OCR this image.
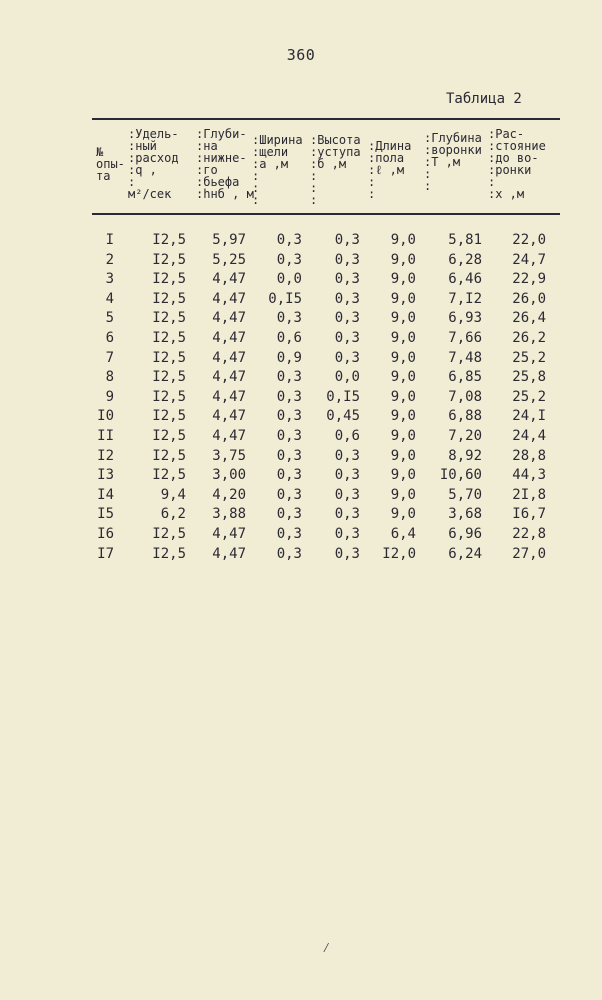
360
Таблица 2
№
опы-
та
:Удель-
:ный
:расход
:q ,
:
м²/сек
:Глуби-
:на
:нижне-
:го
:бьефа
:hнб , м
:Ширина
:щели
:a ,м
:
:
:
:Высота
:уступа
:б ,м
:
:
:
:Длина
:пола
:ℓ ,м
:
:
:Глубина
:воронки
:T ,м
:
:
:Рас-
:стояние
:до во-
:ронки
:
:x ,м
I	I2,5	5,97	0,3	0,3	9,0	5,81	22,0
2	I2,5	5,25	0,3	0,3	9,0	6,28	24,7
3	I2,5	4,47	0,0	0,3	9,0	6,46	22,9
4	I2,5	4,47	0,I5	0,3	9,0	7,I2	26,0
5	I2,5	4,47	0,3	0,3	9,0	6,93	26,4
6	I2,5	4,47	0,6	0,3	9,0	7,66	26,2
7	I2,5	4,47	0,9	0,3	9,0	7,48	25,2
8	I2,5	4,47	0,3	0,0	9,0	6,85	25,8
9	I2,5	4,47	0,3	0,I5	9,0	7,08	25,2
I0	I2,5	4,47	0,3	0,45	9,0	6,88	24,I
II	I2,5	4,47	0,3	0,6	9,0	7,20	24,4
I2	I2,5	3,75	0,3	0,3	9,0	8,92	28,8
I3	I2,5	3,00	0,3	0,3	9,0	I0,60	44,3
I4	9,4	4,20	0,3	0,3	9,0	5,70	2I,8
I5	6,2	3,88	0,3	0,3	9,0	3,68	I6,7
I6	I2,5	4,47	0,3	0,3	6,4	6,96	22,8
I7	I2,5	4,47	0,3	0,3	I2,0	6,24	27,0
⁄
